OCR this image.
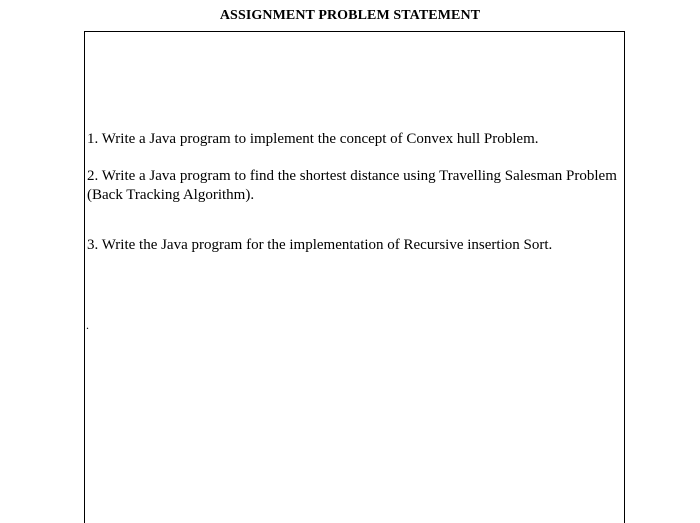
ASSIGNMENT PROBLEM STATEMENT

1. Write a Java program to implement the concept of Convex hull Problem.

2. Write a Java program to find the shortest distance using Travelling Salesman Problem (Back Tracking Algorithm).

3. Write the Java program for the implementation of Recursive insertion Sort.

.
